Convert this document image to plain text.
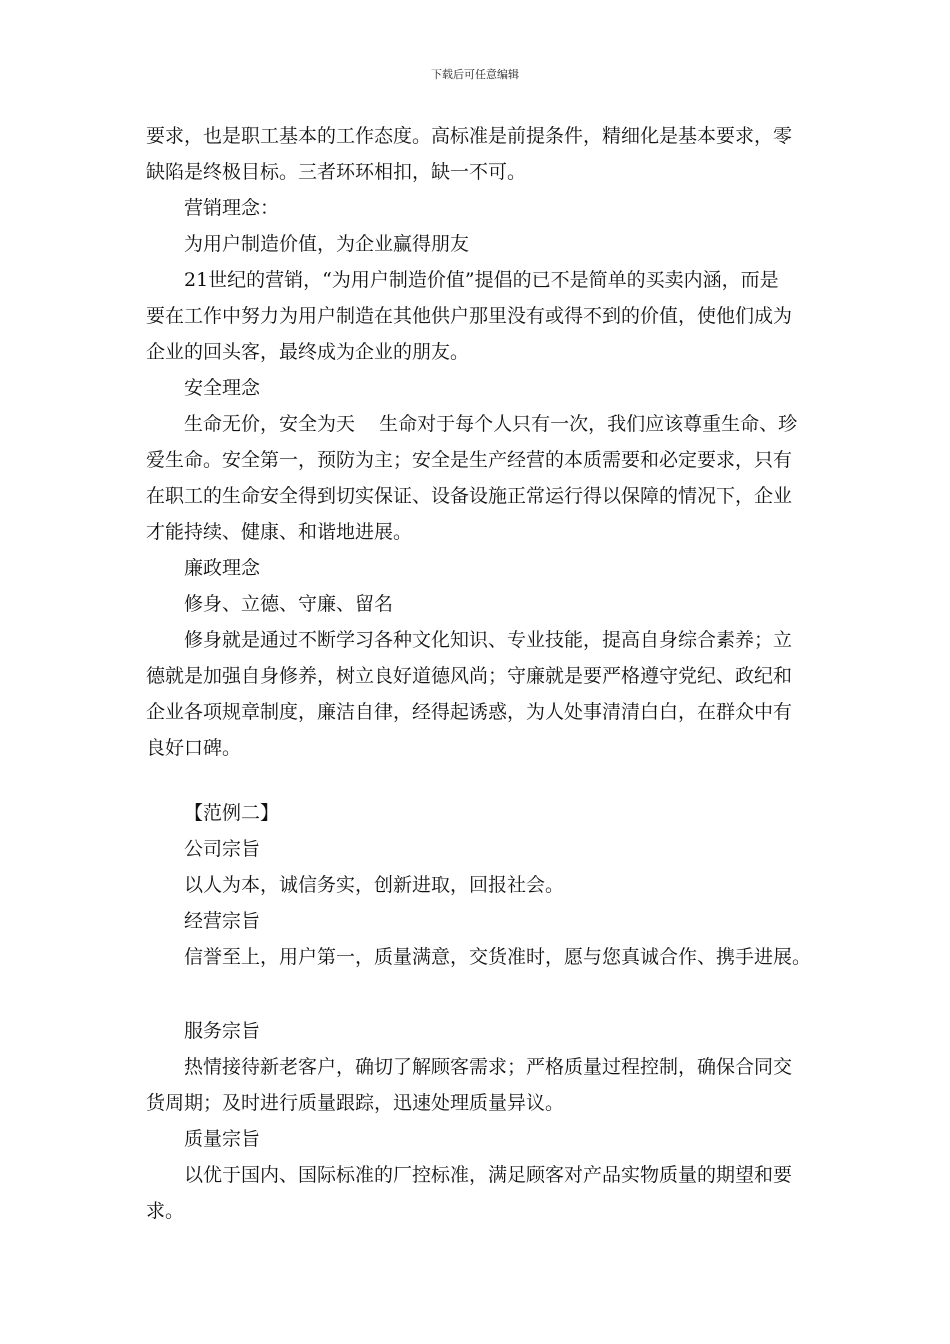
下载后可任意编辑
要求，也是职工基本的工作态度。高标准是前提条件，精细化是基本要求，零
缺陷是终极目标。三者环环相扣，缺一不可。
营销理念：
为用户制造价值，为企业赢得朋友
21世纪的营销，“为用户制造价值”提倡的已不是简单的买卖内涵，而是
要在工作中努力为用户制造在其他供户那里没有或得不到的价值，使他们成为
企业的回头客，最终成为企业的朋友。
安全理念
生命无价，安全为天    生命对于每个人只有一次，我们应该尊重生命、珍
爱生命。安全第一，预防为主；安全是生产经营的本质需要和必定要求，只有
在职工的生命安全得到切实保证、设备设施正常运行得以保障的情况下，企业
才能持续、健康、和谐地进展。
廉政理念
修身、立德、守廉、留名
修身就是通过不断学习各种文化知识、专业技能，提高自身综合素养；立
德就是加强自身修养，树立良好道德风尚；守廉就是要严格遵守党纪、政纪和
企业各项规章制度，廉洁自律，经得起诱惑，为人处事清清白白，在群众中有
良好口碑。
【范例二】
公司宗旨
以人为本，诚信务实，创新进取，回报社会。
经营宗旨
信誉至上，用户第一，质量满意，交货准时，愿与您真诚合作、携手进展。
服务宗旨
热情接待新老客户，确切了解顾客需求；严格质量过程控制，确保合同交
货周期；及时进行质量跟踪，迅速处理质量异议。
质量宗旨
以优于国内、国际标准的厂控标准，满足顾客对产品实物质量的期望和要
求。
